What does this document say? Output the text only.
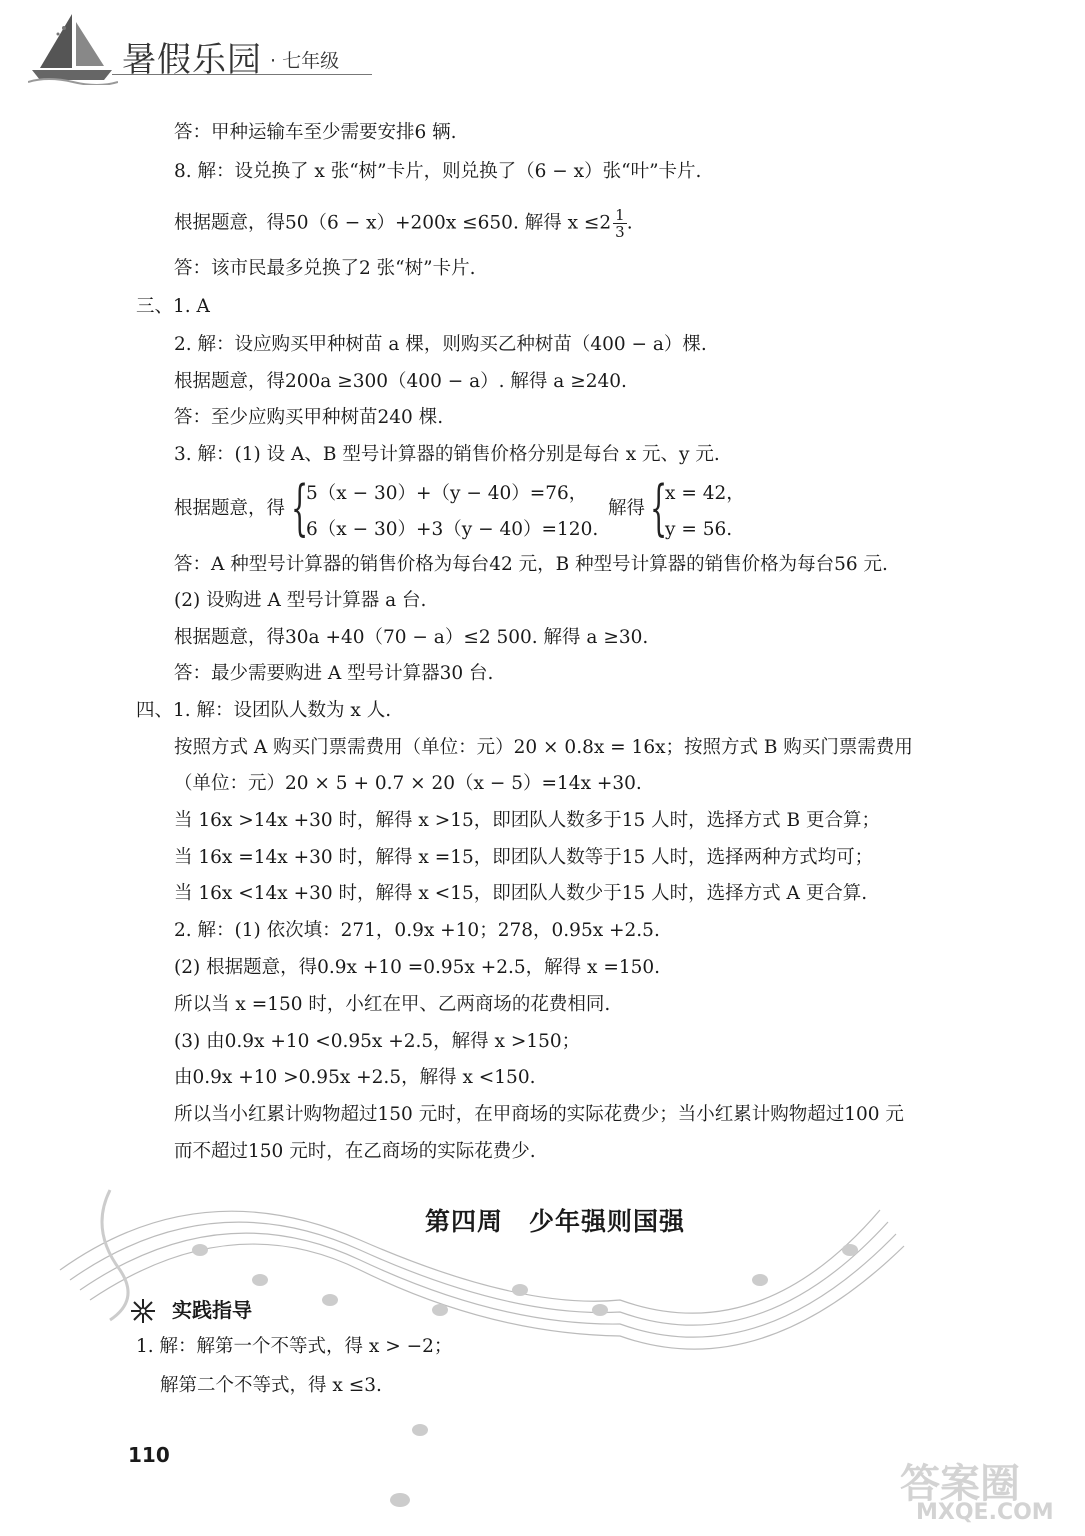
暑假乐园 · 七年级
答：甲种运输车至少需要安排6 辆.
8. 解：设兑换了 x 张“树”卡片，则兑换了（6 − x）张“叶”卡片.
根据题意，得50（6 − x）+200x ≤650. 解得 $x \le 2 \frac{1}{3}$ .
答：该市民最多兑换了2 张“树”卡片.
三、1. A
2. 解：设应购买甲种树苗 a 棵，则购买乙种树苗（400 − a）棵.
根据题意，得200a ≥300（400 − a）. 解得 a ≥240.
答：至少应购买甲种树苗240 棵.
3. 解：(1) 设 A、B 型号计算器的销售价格分别是每台 x 元、y 元.
根据题意，得 {
5（x − 30）+（y − 40）=76，
6（x − 30）+3（y − 40）=120.
解得 {
x = 42，
y = 56.
答：A 种型号计算器的销售价格为每台42 元，B 种型号计算器的销售价格为每台56 元.
(2) 设购进 A 型号计算器 a 台.
根据题意，得30a +40（70 − a）≤2 500. 解得 a ≥30.
答：最少需要购进 A 型号计算器30 台.
四、1. 解：设团队人数为 x 人.
按照方式 A 购买门票需费用（单位：元）20 × 0.8x = 16x；按照方式 B 购买门票需费用
（单位：元）20 × 5 + 0.7 × 20（x − 5）=14x +30.
当 16x >14x +30 时，解得 x >15，即团队人数多于15 人时，选择方式 B 更合算；
当 16x =14x +30 时，解得 x =15，即团队人数等于15 人时，选择两种方式均可；
当 16x <14x +30 时，解得 x <15，即团队人数少于15 人时，选择方式 A 更合算.
2. 解：(1) 依次填：271，0.9x +10；278，0.95x +2.5.
(2) 根据题意，得0.9x +10 =0.95x +2.5，解得 x =150.
所以当 x =150 时，小红在甲、乙两商场的花费相同.
(3) 由0.9x +10 <0.95x +2.5，解得 x >150；
由0.9x +10 >0.95x +2.5，解得 x <150.
所以当小红累计购物超过150 元时，在甲商场的实际花费少；当小红累计购物超过100 元
而不超过150 元时，在乙商场的实际花费少.
第四周　少年强则国强
实践指导
1. 解：解第一个不等式，得 x > −2；
解第二个不等式，得 x ≤3.
110
答案圈
MXQE.COM
